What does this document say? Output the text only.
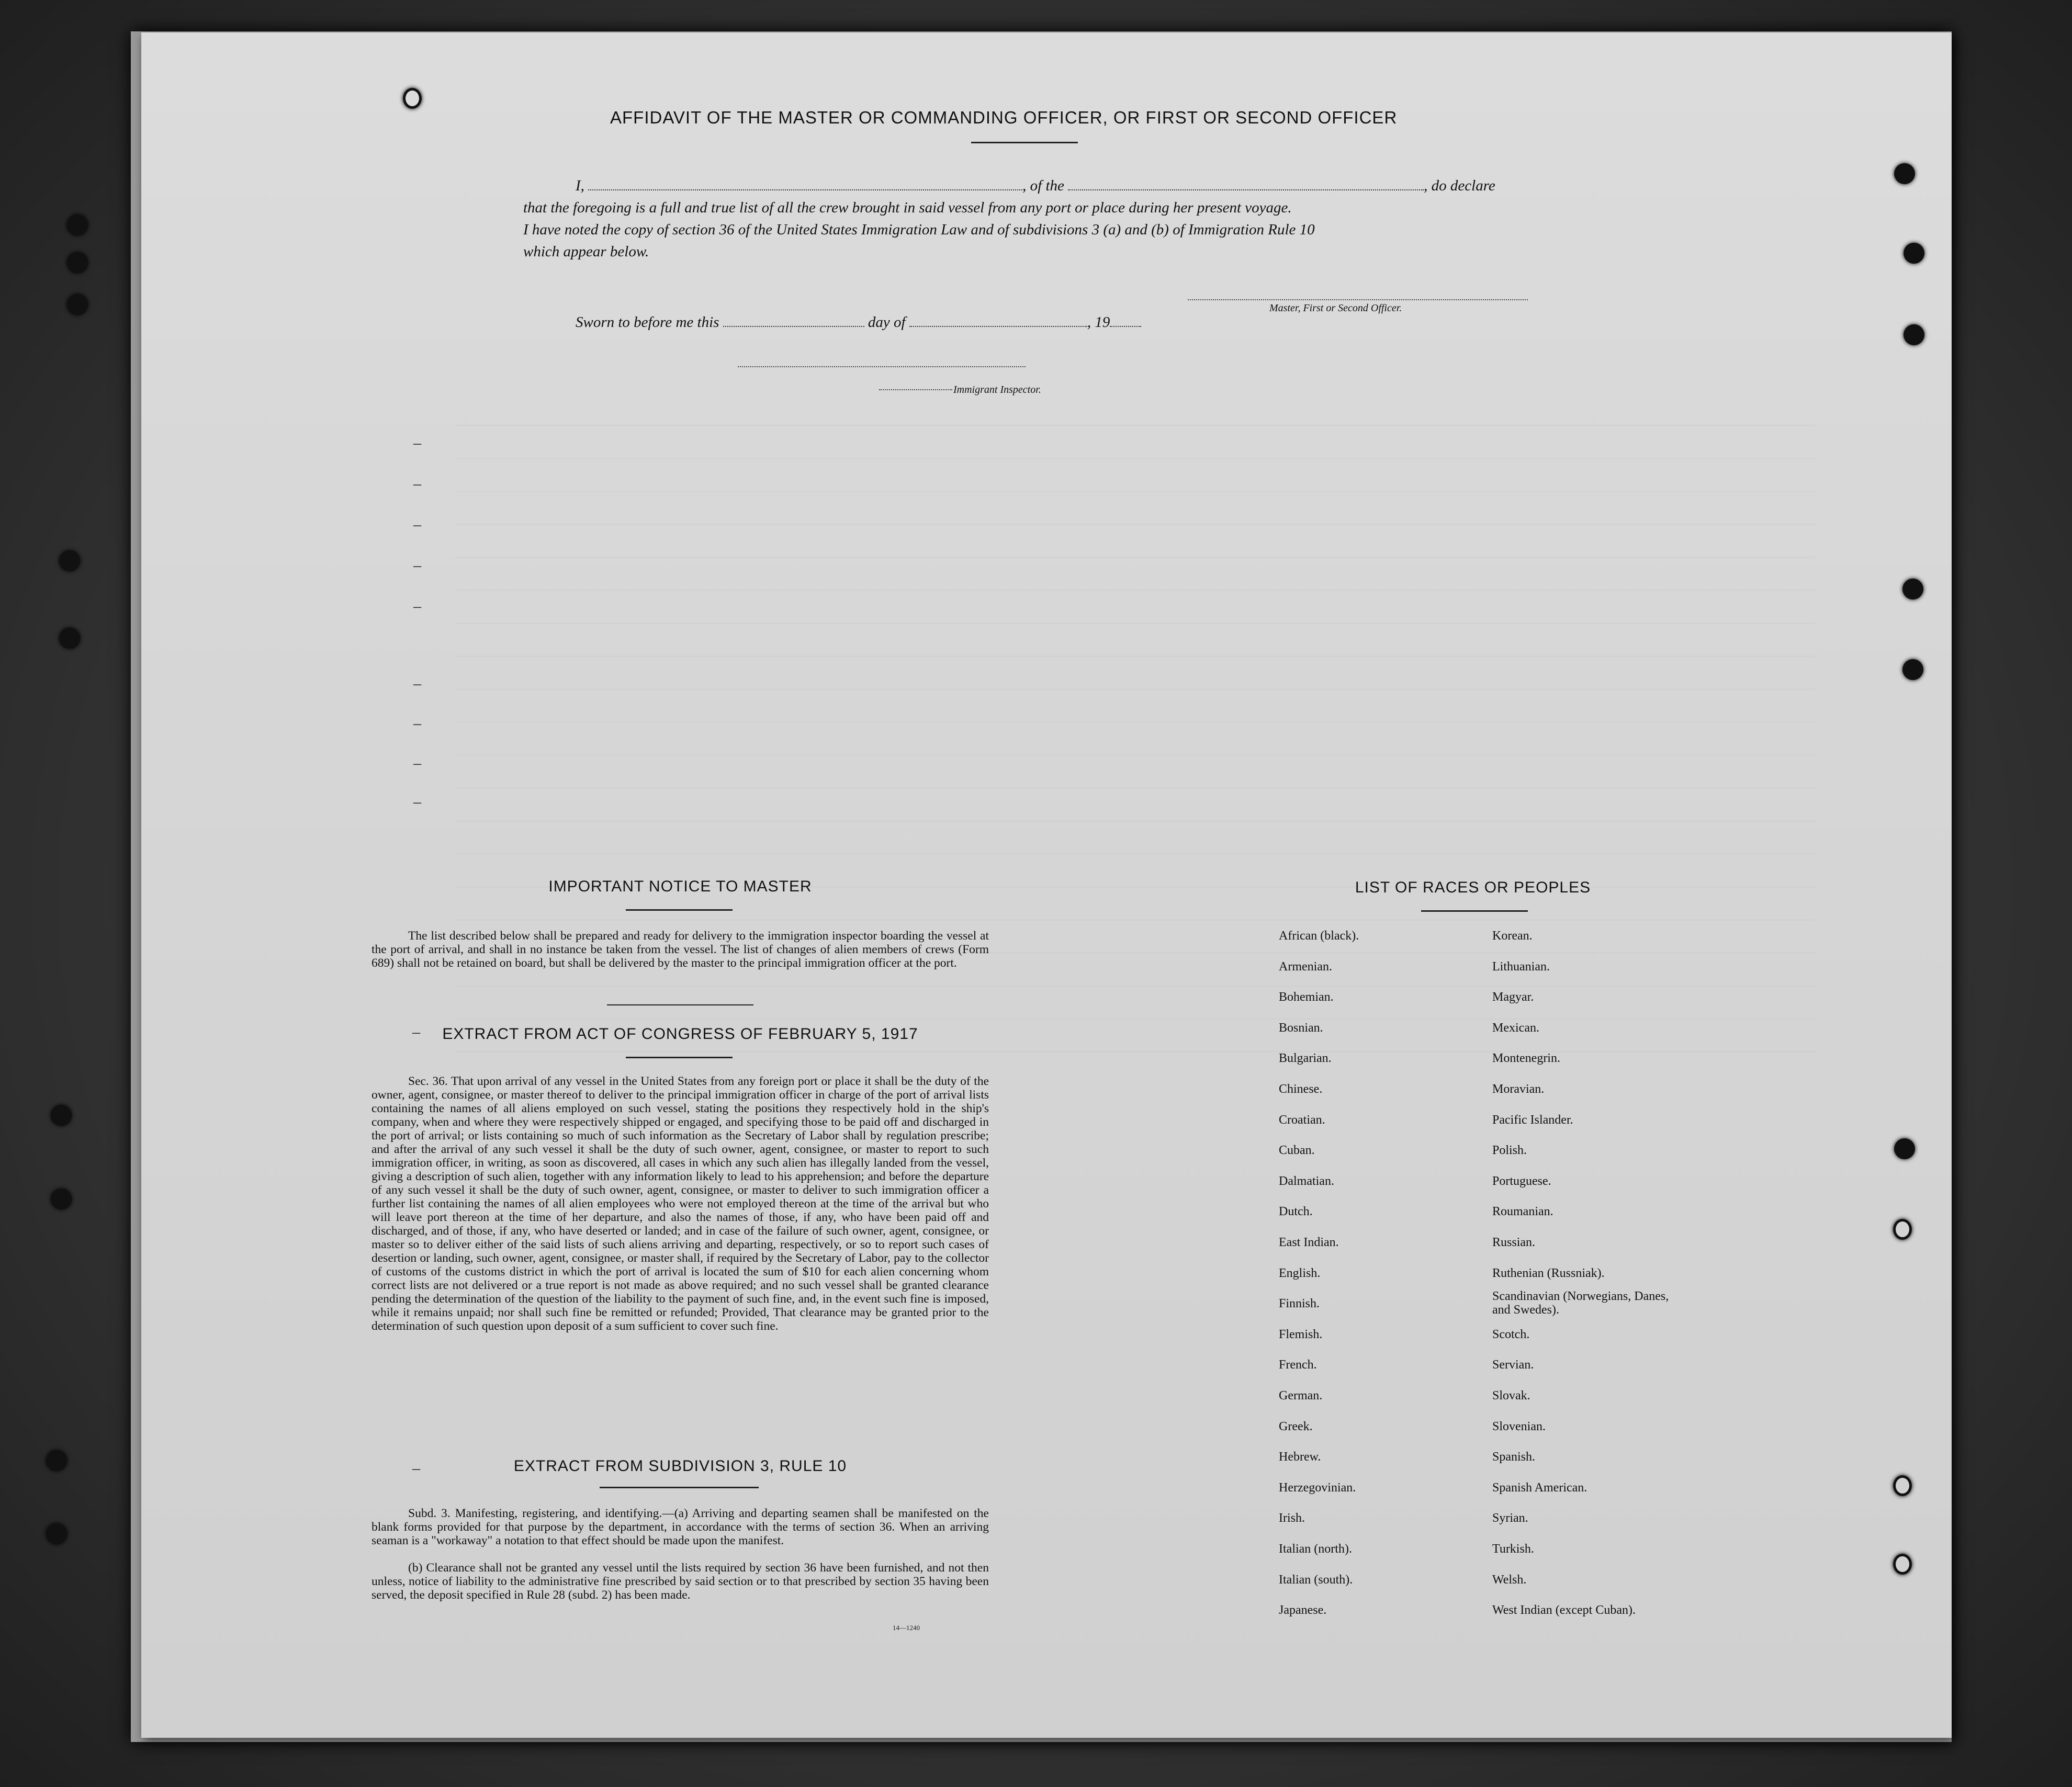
AFFIDAVIT OF THE MASTER OR COMMANDING OFFICER, OR FIRST OR SECOND OFFICER
I,	, of the	, do declare
that the foregoing is a full and true list of all the crew brought in said vessel from any port or place during her present voyage.
I have noted the copy of section 36 of the United States Immigration Law and of subdivisions 3 (a) and (b) of Immigration Rule 10
which appear below.
Master, First or Second Officer.
Sworn to before me this	day of	, 19
Immigrant Inspector.
IMPORTANT NOTICE TO MASTER
The list described below shall be prepared and ready for delivery to the immigration inspector boarding the vessel at the port of arrival, and shall in no instance be taken from the vessel. The list of changes of alien members of crews (Form 689) shall not be retained on board, but shall be delivered by the master to the principal immigration officer at the port.
–	EXTRACT FROM ACT OF CONGRESS OF FEBRUARY 5, 1917
Sec. 36. That upon arrival of any vessel in the United States from any foreign port or place it shall be the duty of the owner, agent, consignee, or master thereof to deliver to the principal immigration officer in charge of the port of arrival lists containing the names of all aliens employed on such vessel, stating the positions they respectively hold in the ship's company, when and where they were respectively shipped or engaged, and specifying those to be paid off and discharged in the port of arrival; or lists containing so much of such information as the Secretary of Labor shall by regulation prescribe; and after the arrival of any such vessel it shall be the duty of such owner, agent, consignee, or master to report to such immigration officer, in writing, as soon as discovered, all cases in which any such alien has illegally landed from the vessel, giving a description of such alien, together with any information likely to lead to his apprehension; and before the departure of any such vessel it shall be the duty of such owner, agent, consignee, or master to deliver to such immigration officer a further list containing the names of all alien employees who were not employed thereon at the time of the arrival but who will leave port thereon at the time of her departure, and also the names of those, if any, who have been paid off and discharged, and of those, if any, who have deserted or landed; and in case of the failure of such owner, agent, consignee, or master so to deliver either of the said lists of such aliens arriving and departing, respectively, or so to report such cases of desertion or landing, such owner, agent, consignee, or master shall, if required by the Secretary of Labor, pay to the collector of customs of the customs district in which the port of arrival is located the sum of $10 for each alien concerning whom correct lists are not delivered or a true report is not made as above required; and no such vessel shall be granted clearance pending the determination of the question of the liability to the payment of such fine, and, in the event such fine is imposed, while it remains unpaid; nor shall such fine be remitted or refunded; Provided, That clearance may be granted prior to the determination of such question upon deposit of a sum sufficient to cover such fine.
–	EXTRACT FROM SUBDIVISION 3, RULE 10
Subd. 3. Manifesting, registering, and identifying.—(a) Arriving and departing seamen shall be manifested on the blank forms provided for that purpose by the department, in accordance with the terms of section 36. When an arriving seaman is a "workaway" a notation to that effect should be made upon the manifest.
(b) Clearance shall not be granted any vessel until the lists required by section 36 have been furnished, and not then unless, notice of liability to the administrative fine prescribed by said section or to that prescribed by section 35 having been served, the deposit specified in Rule 28 (subd. 2) has been made.
14—1240
–
–
–
–
–
–
–
–
–
LIST OF RACES OR PEOPLES
African (black).
Armenian.
Bohemian.
Bosnian.
Bulgarian.
Chinese.
Croatian.
Cuban.
Dalmatian.
Dutch.
East Indian.
English.
Finnish.
Flemish.
French.
German.
Greek.
Hebrew.
Herzegovinian.
Irish.
Italian (north).
Italian (south).
Japanese.
Korean.
Lithuanian.
Magyar.
Mexican.
Montenegrin.
Moravian.
Pacific Islander.
Polish.
Portuguese.
Roumanian.
Russian.
Ruthenian (Russniak).
Scandinavian (Norwegians, Danes, and Swedes).
Scotch.
Servian.
Slovak.
Slovenian.
Spanish.
Spanish American.
Syrian.
Turkish.
Welsh.
West Indian (except Cuban).
